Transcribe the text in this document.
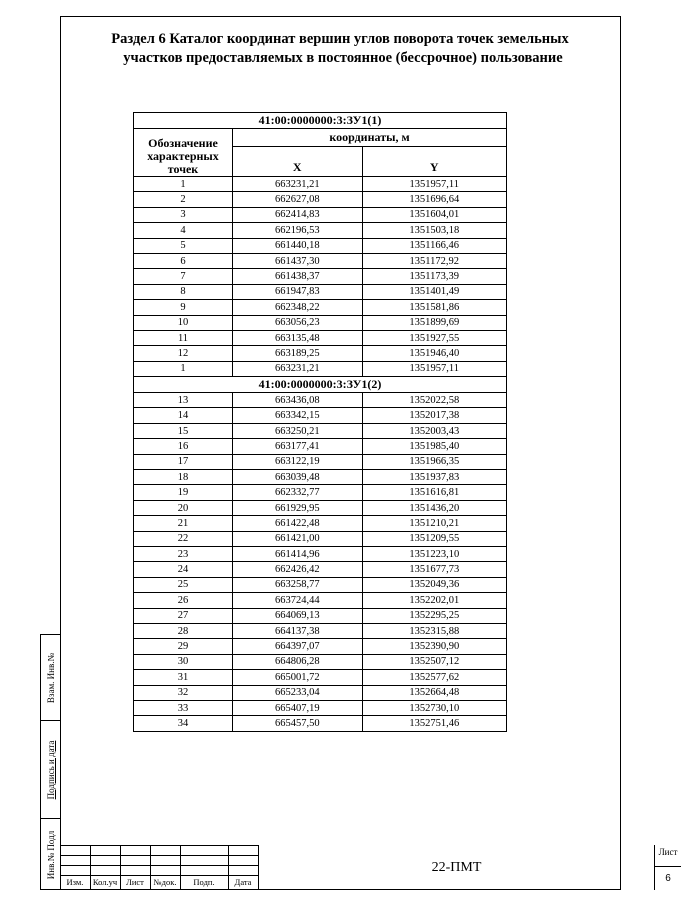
Раздел 6 Каталог координат вершин углов поворота точек земельных
участков предоставляемых в постоянное (бессрочное) пользование
41:00:0000000:3:ЗУ1(1)		

Обозначение
характерных
точек	координаты, м	
	X	Y
1	663231,21	1351957,11
2	662627,08	1351696,64
3	662414,83	1351604,01
4	662196,53	1351503,18
5	661440,18	1351166,46
6	661437,30	1351172,92
7	661438,37	1351173,39
8	661947,83	1351401,49
9	662348,22	1351581,86
10	663056,23	1351899,69
11	663135,48	1351927,55
12	663189,25	1351946,40
1	663231,21	1351957,11
41:00:0000000:3:ЗУ1(2)		
13	663436,08	1352022,58
14	663342,15	1352017,38
15	663250,21	1352003,43
16	663177,41	1351985,40
17	663122,19	1351966,35
18	663039,48	1351937,83
19	662332,77	1351616,81
20	661929,95	1351436,20
21	661422,48	1351210,21
22	661421,00	1351209,55
23	661414,96	1351223,10
24	662426,42	1351677,73
25	663258,77	1352049,36
26	663724,44	1352202,01
27	664069,13	1352295,25
28	664137,38	1352315,88
29	664397,07	1352390,90
30	664806,28	1352507,12
31	665001,72	1352577,62
32	665233,04	1352664,48
33	665407,19	1352730,10
34	665457,50	1352751,46
Взам. Инв.№
Подпись и дата
Инв.№ Подл
Изм.	Кол.уч	Лист	№док.	Подп.	Дата
22-ПМТ
Лист
6
